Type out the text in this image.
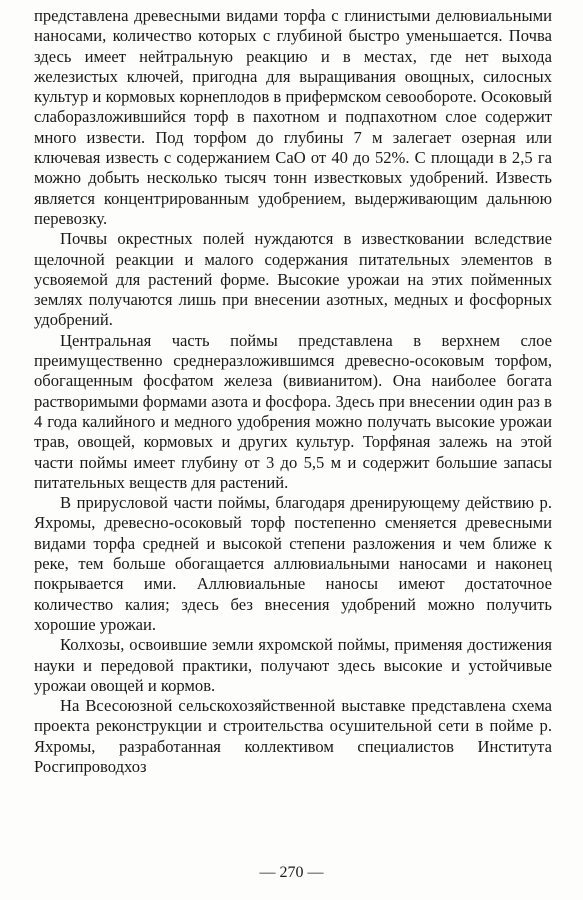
представлена древесными видами торфа с глинистыми делювиальными наносами, количество которых с глубиной быстро уменьшается. Почва здесь имеет нейтральную реакцию и в местах, где нет выхода железистых ключей, пригодна для выращивания овощных, силосных культур и кормовых корнеплодов в прифермском севообороте. Осоковый слаборазложившийся торф в пахотном и подпахотном слое содержит много извести. Под торфом до глубины 7 м залегает озерная или ключевая известь с содержанием CaO от 40 до 52%. С площади в 2,5 га можно добыть несколько тысяч тонн известковых удобрений. Известь является концентрированным удобрением, выдерживающим дальнюю перевозку.

Почвы окрестных полей нуждаются в известковании вследствие щелочной реакции и малого содержания питательных элементов в усвояемой для растений форме. Высокие урожаи на этих пойменных землях получаются лишь при внесении азотных, медных и фосфорных удобрений.

Центральная часть поймы представлена в верхнем слое преимущественно среднеразложившимся древесно-осоковым торфом, обогащенным фосфатом железа (вивианитом). Она наиболее богата растворимыми формами азота и фосфора. Здесь при внесении один раз в 4 года калийного и медного удобрения можно получать высокие урожаи трав, овощей, кормовых и других культур. Торфяная залежь на этой части поймы имеет глубину от 3 до 5,5 м и содержит большие запасы питательных веществ для растений.

В прирусловой части поймы, благодаря дренирующему действию р. Яхромы, древесно-осоковый торф постепенно сменяется древесными видами торфа средней и высокой степени разложения и чем ближе к реке, тем больше обогащается аллювиальными наносами и наконец покрывается ими. Аллювиальные наносы имеют достаточное количество калия; здесь без внесения удобрений можно получить хорошие урожаи.

Колхозы, освоившие земли яхромской поймы, применяя достижения науки и передовой практики, получают здесь высокие и устойчивые урожаи овощей и кормов.

На Всесоюзной сельскохозяйственной выставке представлена схема проекта реконструкции и строительства осушительной сети в пойме р. Яхромы, разработанная коллективом специалистов Института Росгипроводхоз

— 270 —
